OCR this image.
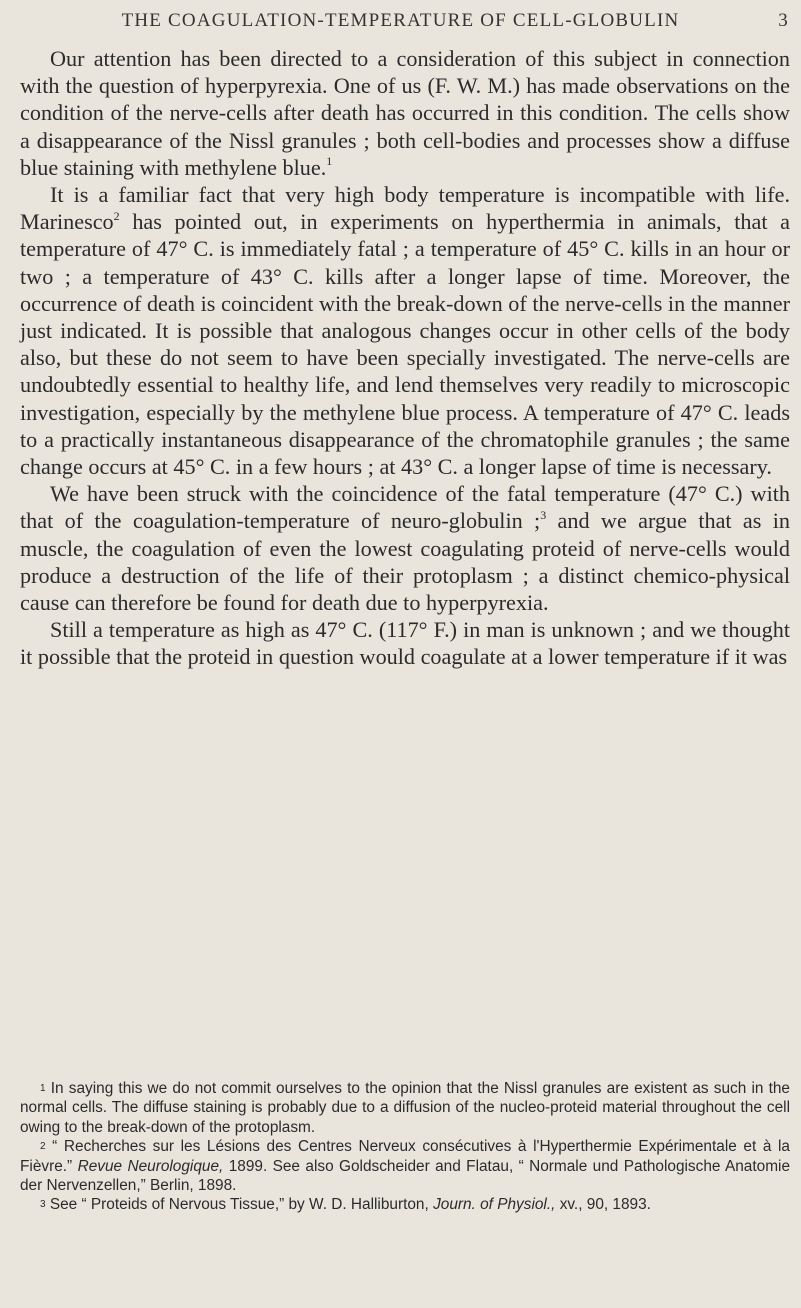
THE COAGULATION-TEMPERATURE OF CELL-GLOBULIN	3

Our attention has been directed to a consideration of this subject in connection with the question of hyperpyrexia. One of us (F. W. M.) has made observations on the condition of the nerve-cells after death has occurred in this condition. The cells show a disappearance of the Nissl granules ; both cell-bodies and processes show a diffuse blue staining with methylene blue.$^1$

It is a familiar fact that very high body temperature is incompatible with life. Marinesco$^2$ has pointed out, in experiments on hyperthermia in animals, that a temperature of 47° C. is immediately fatal ; a temperature of 45° C. kills in an hour or two ; a temperature of 43° C. kills after a longer lapse of time. Moreover, the occurrence of death is coincident with the break-down of the nerve-cells in the manner just indicated. It is possible that analogous changes occur in other cells of the body also, but these do not seem to have been specially investigated. The nerve-cells are undoubtedly essential to healthy life, and lend themselves very readily to microscopic investigation, especially by the methylene blue process. A temperature of 47° C. leads to a practically instantaneous disappearance of the chromatophile granules ; the same change occurs at 45° C. in a few hours ; at 43° C. a longer lapse of time is necessary.

We have been struck with the coincidence of the fatal temperature (47° C.) with that of the coagulation-temperature of neuro-globulin ;$^3$ and we argue that as in muscle, the coagulation of even the lowest coagulating proteid of nerve-cells would produce a destruction of the life of their protoplasm ; a distinct chemico-physical cause can therefore be found for death due to hyperpyrexia.

Still a temperature as high as 47° C. (117° F.) in man is unknown ; and we thought it possible that the proteid in question would coagulate at a lower temperature if it was

$^1$ In saying this we do not commit ourselves to the opinion that the Nissl granules are existent as such in the normal cells. The diffuse staining is probably due to a diffusion of the nucleo-proteid material throughout the cell owing to the break-down of the protoplasm.

$^2$ “ Recherches sur les Lésions des Centres Nerveux consécutives à l'Hyperthermie Expérimentale et à la Fièvre.” Revue Neurologique, 1899. See also Goldscheider and Flatau, “ Normale und Pathologische Anatomie der Nervenzellen,” Berlin, 1898.

$^3$ See “ Proteids of Nervous Tissue,” by W. D. Halliburton, Journ. of Physiol., xv., 90, 1893.
